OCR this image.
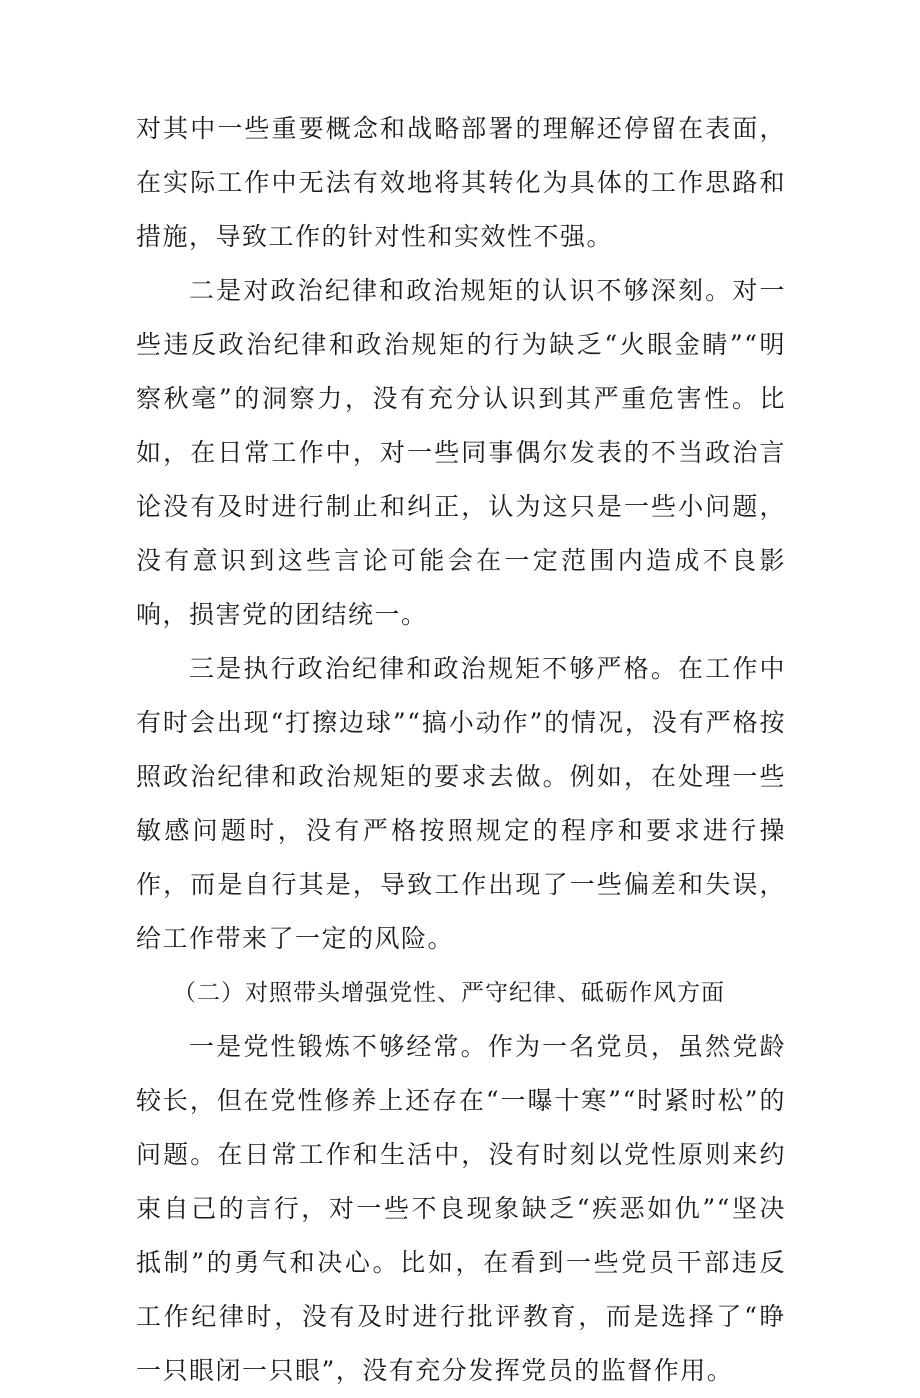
对其中一些重要概念和战略部署的理解还停留在表面，在实际工作中无法有效地将其转化为具体的工作思路和措施，导致工作的针对性和实效性不强。

二是对政治纪律和政治规矩的认识不够深刻。对一些违反政治纪律和政治规矩的行为缺乏“火眼金睛”“明察秋毫”的洞察力，没有充分认识到其严重危害性。比如，在日常工作中，对一些同事偶尔发表的不当政治言论没有及时进行制止和纠正，认为这只是一些小问题，没有意识到这些言论可能会在一定范围内造成不良影响，损害党的团结统一。

三是执行政治纪律和政治规矩不够严格。在工作中有时会出现“打擦边球”“搞小动作”的情况，没有严格按照政治纪律和政治规矩的要求去做。例如，在处理一些敏感问题时，没有严格按照规定的程序和要求进行操作，而是自行其是，导致工作出现了一些偏差和失误，给工作带来了一定的风险。

（二）对照带头增强党性、严守纪律、砥砺作风方面

一是党性锻炼不够经常。作为一名党员，虽然党龄较长，但在党性修养上还存在“一曝十寒”“时紧时松”的问题。在日常工作和生活中，没有时刻以党性原则来约束自己的言行，对一些不良现象缺乏“疾恶如仇”“坚决抵制”的勇气和决心。比如，在看到一些党员干部违反工作纪律时，没有及时进行批评教育，而是选择了“睁一只眼闭一只眼”，没有充分发挥党员的监督作用。
